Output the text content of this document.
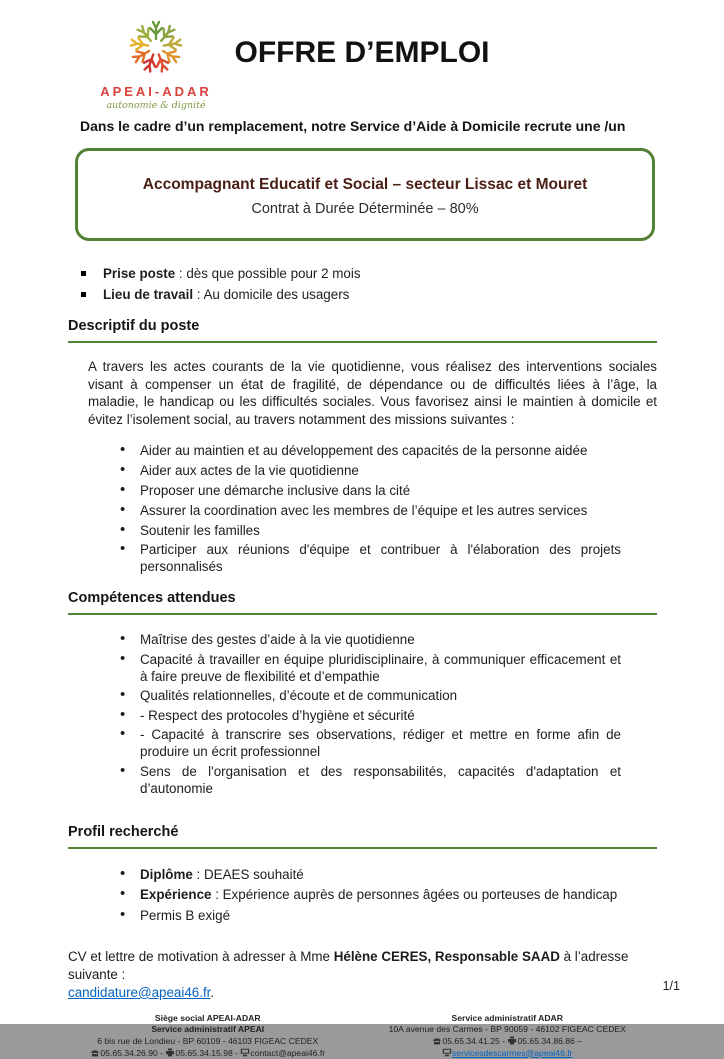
APEAI-ADAR
autonomie & dignité
OFFRE D’EMPLOI
Dans le cadre d’un remplacement, notre Service d’Aide à Domicile recrute une /un
Accompagnant Educatif et Social – secteur Lissac et Mouret
Contrat à Durée Déterminée – 80%
Prise poste : dès que possible pour 2 mois
Lieu de travail : Au domicile des usagers
Descriptif du poste

A travers les actes courants de la vie quotidienne, vous réalisez des interventions sociales visant à compenser un état de fragilité, de dépendance ou de difficultés liées à l’âge, la maladie, le handicap ou les difficultés sociales. Vous favorisez ainsi le maintien à domicile et évitez l’isolement social, au travers notamment des missions suivantes :

• Aider au maintien et au développement des capacités de la personne aidée
• Aider aux actes de la vie quotidienne
• Proposer une démarche inclusive dans la cité
• Assurer la coordination avec les membres de l’équipe et les autres services
• Soutenir les familles
• Participer aux réunions d'équipe et contribuer à l'élaboration des projets personnalisés
Compétences attendues
• Maîtrise des gestes d’aide à la vie quotidienne
• Capacité à travailler en équipe pluridisciplinaire, à communiquer efficacement et à faire preuve de flexibilité et d’empathie
• Qualités relationnelles, d’écoute et de communication
• - Respect des protocoles d’hygiène et sécurité
• - Capacité à transcrire ses observations, rédiger et mettre en forme afin de produire un écrit professionnel
• Sens de l'organisation et des responsabilités, capacités d'adaptation et d’autonomie
Profil recherché
• Diplôme : DEAES souhaité
• Expérience : Expérience auprès de personnes âgées ou porteuses de handicap
• Permis B exigé

CV et lettre de motivation à adresser à Mme Hélène CERES, Responsable SAAD à l’adresse suivante :
candidature@apeai46.fr.

Siège social APEAI-ADAR
Service administratif APEAI
6 bis rue de Londieu - BP 60109 - 46103 FIGEAC CEDEX
05.65.34.26.90 - 05.65.34.15.98 - contact@apeai46.fr
Service administratif ADAR
10A avenue des Carmes - BP 90059 - 46102 FIGEAC CEDEX
05.65.34.41.25 - 05.65.34.86.86 –
servicesdescarmes@apeai46.fr
1/1
